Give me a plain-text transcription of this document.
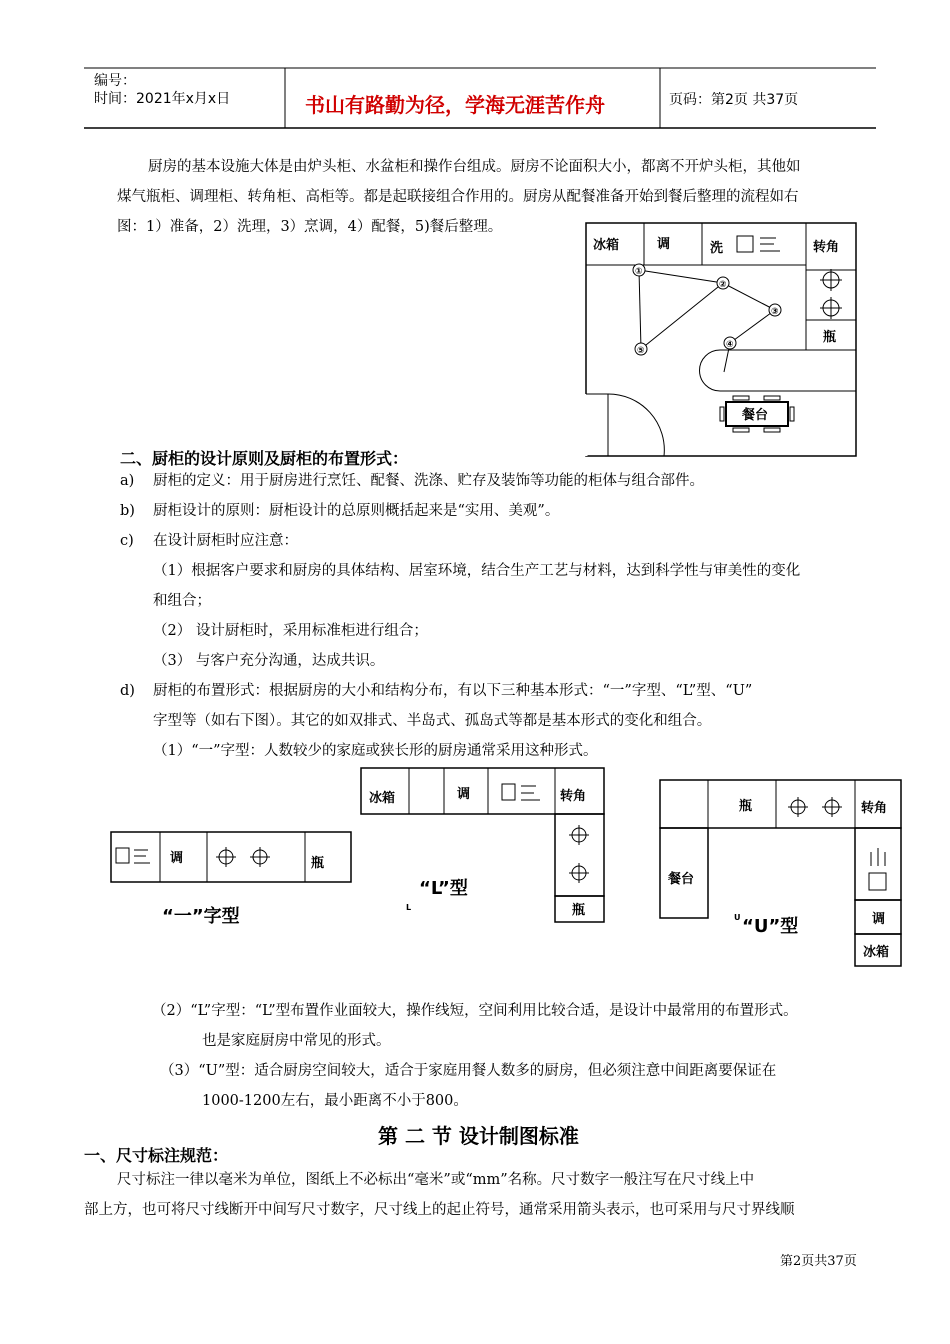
编号：
时间：2021年x月x日	书山有路勤为径，学海无涯苦作舟	页码：第2页 共37页
厨房的基本设施大体是由炉头柜、水盆柜和操作台组成。厨房不论面积大小，都离不开炉头柜，其他如
煤气瓶柜、调理柜、转角柜、高柜等。都是起联接组合作用的。厨房从配餐准备开始到餐后整理的流程如右
图：1）准备，2）洗理，3）烹调，4）配餐，5)餐后整理。
冰箱	调	洗	转角
瓶
餐台
①
②
③
④
⑤
二、厨柜的设计原则及厨柜的布置形式：
a) 厨柜的定义：用于厨房进行烹饪、配餐、洗涤、贮存及装饰等功能的柜体与组合部件。
b) 厨柜设计的原则：厨柜设计的总原则概括起来是“实用、美观”。
c) 在设计厨柜时应注意：
（1）根据客户要求和厨房的具体结构、居室环境，结合生产工艺与材料，达到科学性与审美性的变化
和组合；
（2） 设计厨柜时，采用标准柜进行组合；
（3） 与客户充分沟通，达成共识。
d) 厨柜的布置形式：根据厨房的大小和结构分布，有以下三种基本形式：“一”字型、“L”型、“U”
字型等（如右下图）。其它的如双排式、半岛式、孤岛式等都是基本形式的变化和组合。
（1）“一”字型：人数较少的家庭或狭长形的厨房通常采用这种形式。
调	瓶
“一”字型
冰箱	调	转角
瓶
“L”型
L
瓶	转角
调
冰箱
餐台
U “U”型
（2）“L”字型：“L”型布置作业面较大，操作线短，空间利用比较合适，是设计中最常用的布置形式。
也是家庭厨房中常见的形式。
（3）“U”型：适合厨房空间较大，适合于家庭用餐人数多的厨房，但必须注意中间距离要保证在
1000-1200左右，最小距离不小于800。
第 二 节 设计制图标准
一、尺寸标注规范：
尺寸标注一律以毫米为单位，图纸上不必标出“毫米”或“mm”名称。尺寸数字一般注写在尺寸线上中
部上方，也可将尺寸线断开中间写尺寸数字，尺寸线上的起止符号，通常采用箭头表示，也可采用与尺寸界线顺
第2页共37页
